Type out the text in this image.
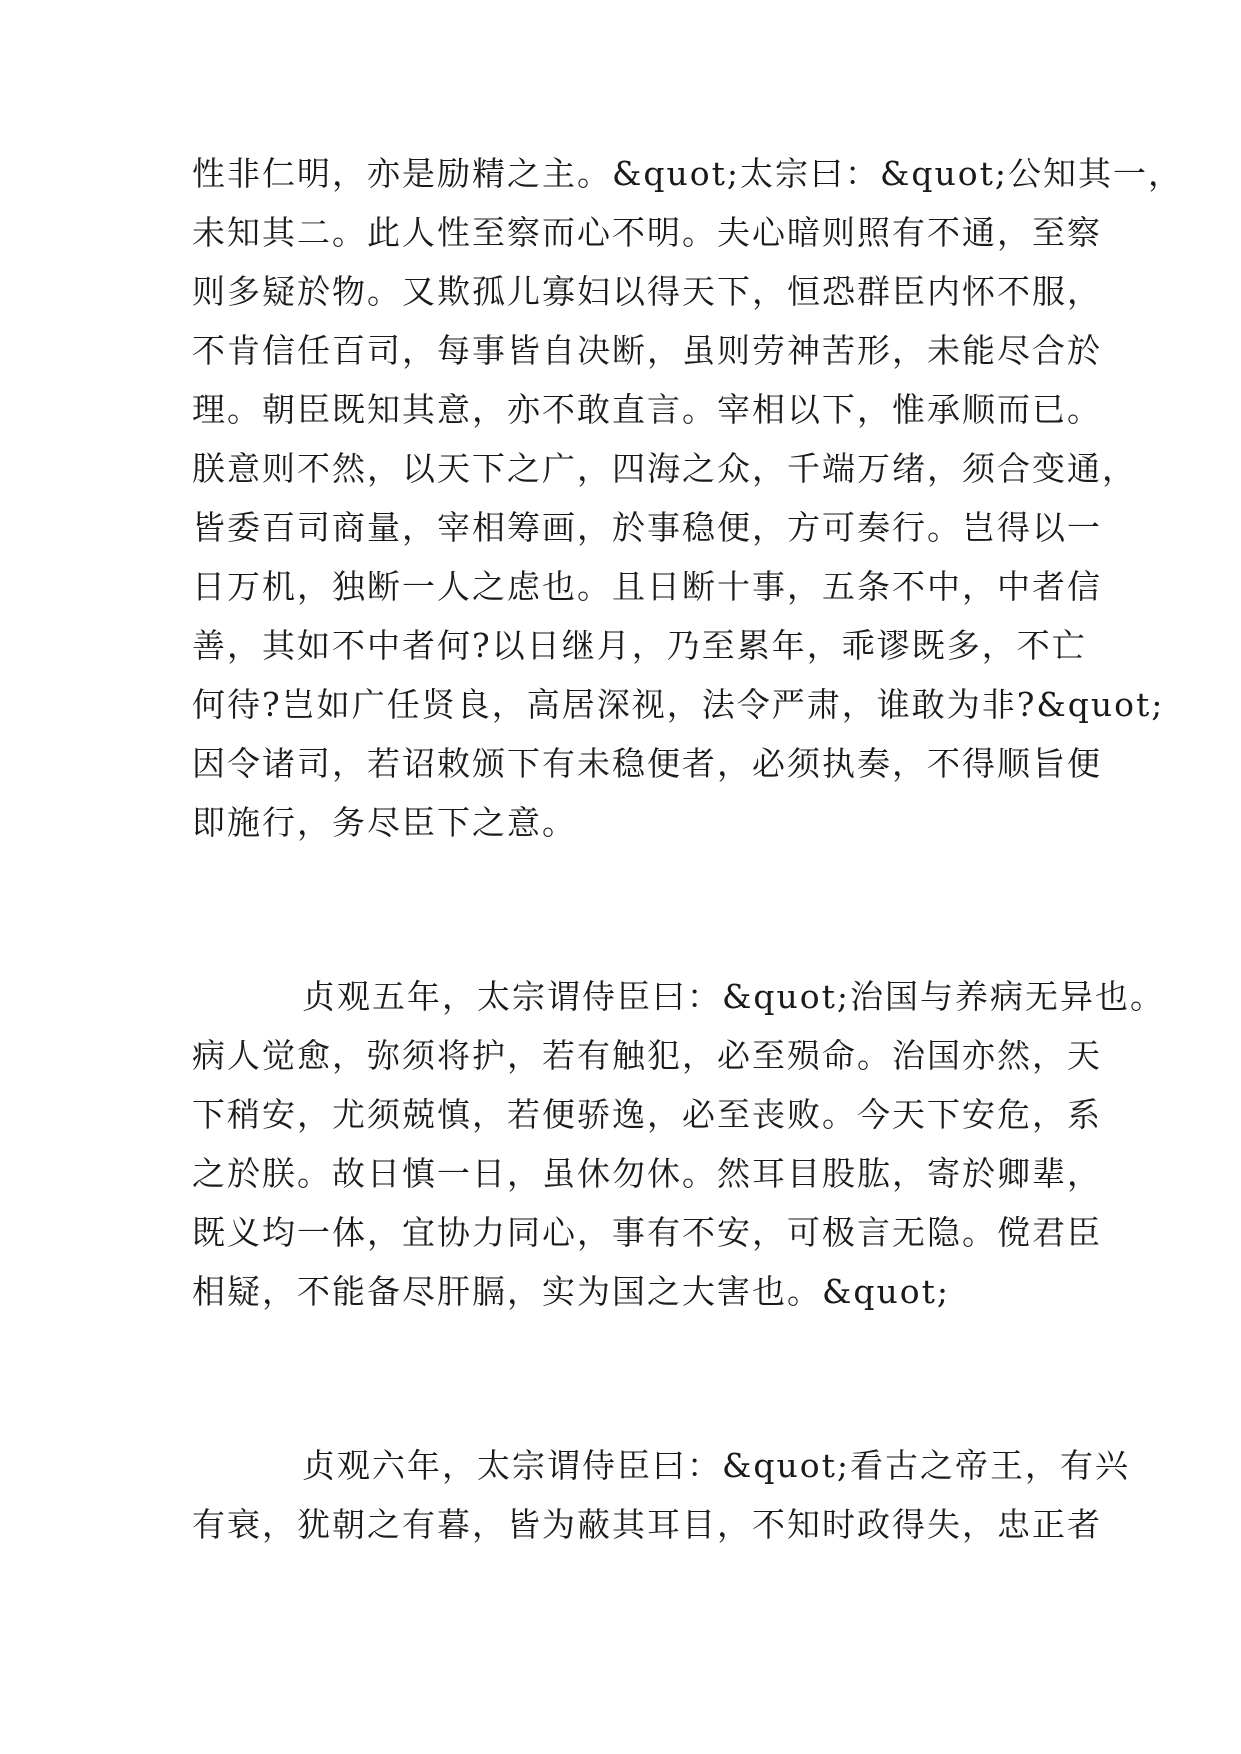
性非仁明，亦是励精之主。&quot;太宗曰：&quot;公知其一，
未知其二。此人性至察而心不明。夫心暗则照有不通，至察
则多疑於物。又欺孤儿寡妇以得天下，恒恐群臣内怀不服，
不肯信任百司，每事皆自决断，虽则劳神苦形，未能尽合於
理。朝臣既知其意，亦不敢直言。宰相以下，惟承顺而已。
朕意则不然，以天下之广，四海之众，千端万绪，须合变通，
皆委百司商量，宰相筹画，於事稳便，方可奏行。岂得以一
日万机，独断一人之虑也。且日断十事，五条不中，中者信
善，其如不中者何?以日继月，乃至累年，乖谬既多，不亡
何待?岂如广任贤良，高居深视，法令严肃，谁敢为非?&quot;
因令诸司，若诏敕颁下有未稳便者，必须执奏，不得顺旨便
即施行，务尽臣下之意。
贞观五年，太宗谓侍臣曰：&quot;治国与养病无异也。
病人觉愈，弥须将护，若有触犯，必至殒命。治国亦然，天
下稍安，尤须兢慎，若便骄逸，必至丧败。今天下安危，系
之於朕。故日慎一日，虽休勿休。然耳目股肱，寄於卿辈，
既义均一体，宜协力同心，事有不安，可极言无隐。傥君臣
相疑，不能备尽肝膈，实为国之大害也。&quot;
贞观六年，太宗谓侍臣曰：&quot;看古之帝王，有兴
有衰，犹朝之有暮，皆为蔽其耳目，不知时政得失，忠正者
